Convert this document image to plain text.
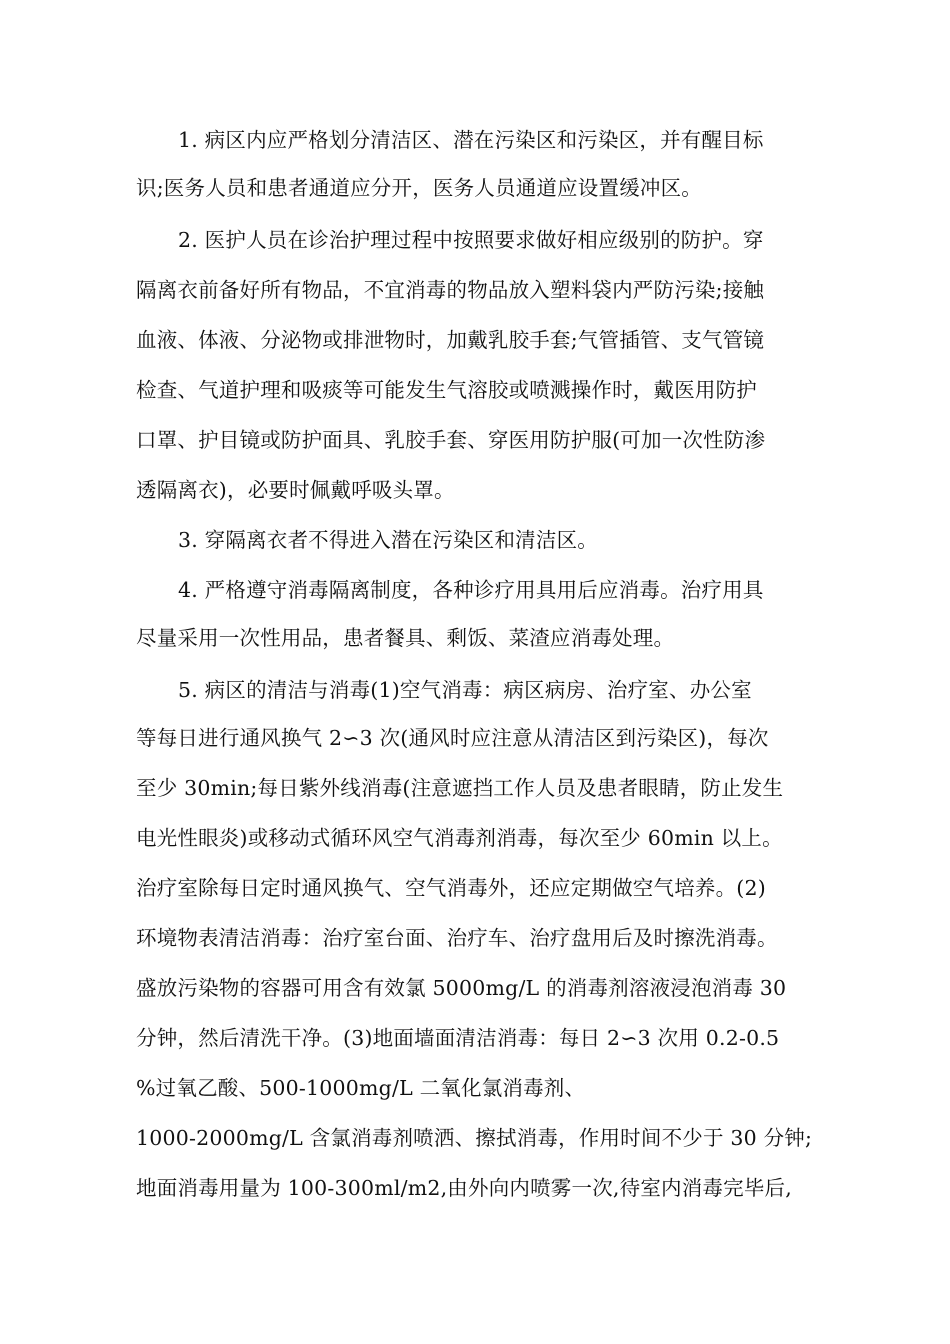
1. 病区内应严格划分清洁区、潜在污染区和污染区，并有醒目标
识;医务人员和患者通道应分开，医务人员通道应设置缓冲区。
2. 医护人员在诊治护理过程中按照要求做好相应级别的防护。穿
隔离衣前备好所有物品，不宜消毒的物品放入塑料袋内严防污染;接触
血液、体液、分泌物或排泄物时，加戴乳胶手套;气管插管、支气管镜
检查、气道护理和吸痰等可能发生气溶胶或喷溅操作时，戴医用防护
口罩、护目镜或防护面具、乳胶手套、穿医用防护服(可加一次性防渗
透隔离衣)，必要时佩戴呼吸头罩。
3. 穿隔离衣者不得进入潜在污染区和清洁区。
4. 严格遵守消毒隔离制度，各种诊疗用具用后应消毒。治疗用具
尽量采用一次性用品，患者餐具、剩饭、菜渣应消毒处理。
5. 病区的清洁与消毒(1)空气消毒：病区病房、治疗室、办公室
等每日进行通风换气 2∽3 次(通风时应注意从清洁区到污染区)，每次
至少 30min;每日紫外线消毒(注意遮挡工作人员及患者眼睛，防止发生
电光性眼炎)或移动式循环风空气消毒剂消毒，每次至少 60min 以上。
治疗室除每日定时通风换气、空气消毒外，还应定期做空气培养。(2)
环境物表清洁消毒：治疗室台面、治疗车、治疗盘用后及时擦洗消毒。
盛放污染物的容器可用含有效氯 5000mg/L 的消毒剂溶液浸泡消毒 30
分钟，然后清洗干净。(3)地面墙面清洁消毒：每日 2∽3 次用 0.2-0.5
%过氧乙酸、500-1000mg/L 二氧化氯消毒剂、
1000-2000mg/L 含氯消毒剂喷洒、擦拭消毒，作用时间不少于 30 分钟;
地面消毒用量为 100-300ml/m2,由外向内喷雾一次,待室内消毒完毕后,
